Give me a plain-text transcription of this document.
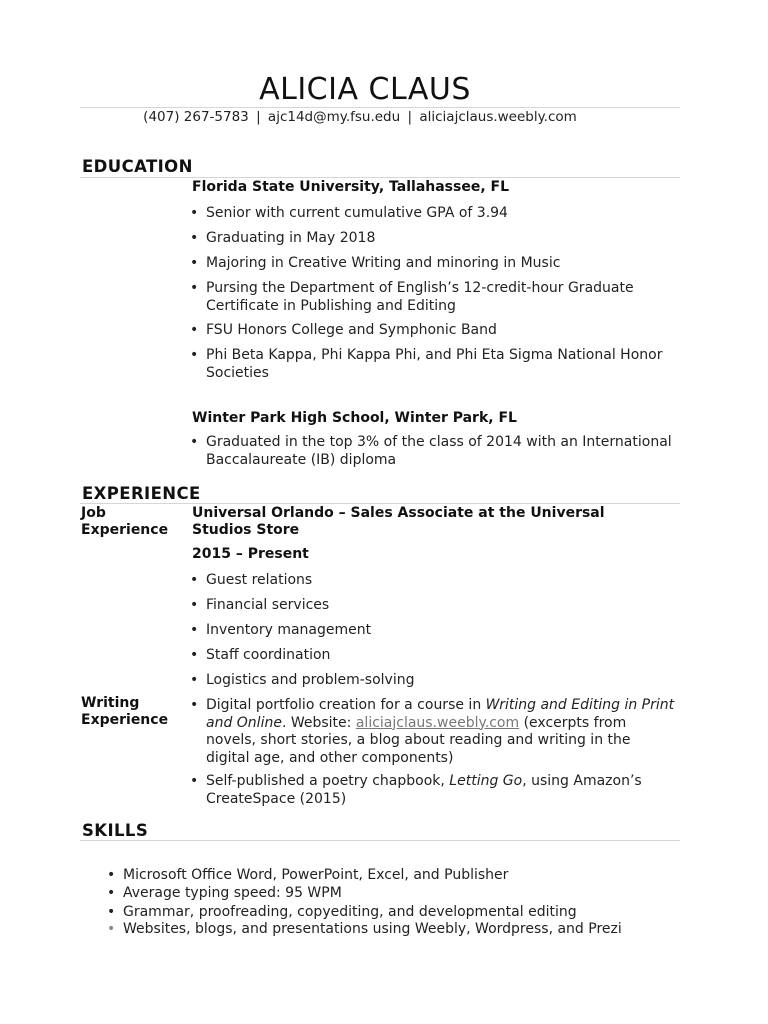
ALICIA CLAUS
(407) 267-5783 | ajc14d@my.fsu.edu | aliciajclaus.weebly.com
EDUCATION
Florida State University, Tallahassee, FL
• Senior with current cumulative GPA of 3.94
• Graduating in May 2018
• Majoring in Creative Writing and minoring in Music
• Pursing the Department of English’s 12-credit-hour Graduate Certificate in Publishing and Editing
• FSU Honors College and Symphonic Band
• Phi Beta Kappa, Phi Kappa Phi, and Phi Eta Sigma National Honor Societies
Winter Park High School, Winter Park, FL
• Graduated in the top 3% of the class of 2014 with an International Baccalaureate (IB) diploma
EXPERIENCE
Job
Experience
Universal Orlando – Sales Associate at the Universal Studios Store
2015 – Present
• Guest relations
• Financial services
• Inventory management
• Staff coordination
• Logistics and problem-solving
Writing
Experience
• Digital portfolio creation for a course in Writing and Editing in Print and Online. Website: aliciajclaus.weebly.com (excerpts from novels, short stories, a blog about reading and writing in the digital age, and other components)
• Self-published a poetry chapbook, Letting Go, using Amazon’s CreateSpace (2015)
SKILLS
• Microsoft Office Word, PowerPoint, Excel, and Publisher
• Average typing speed: 95 WPM
• Grammar, proofreading, copyediting, and developmental editing
• Websites, blogs, and presentations using Weebly, Wordpress, and Prezi
